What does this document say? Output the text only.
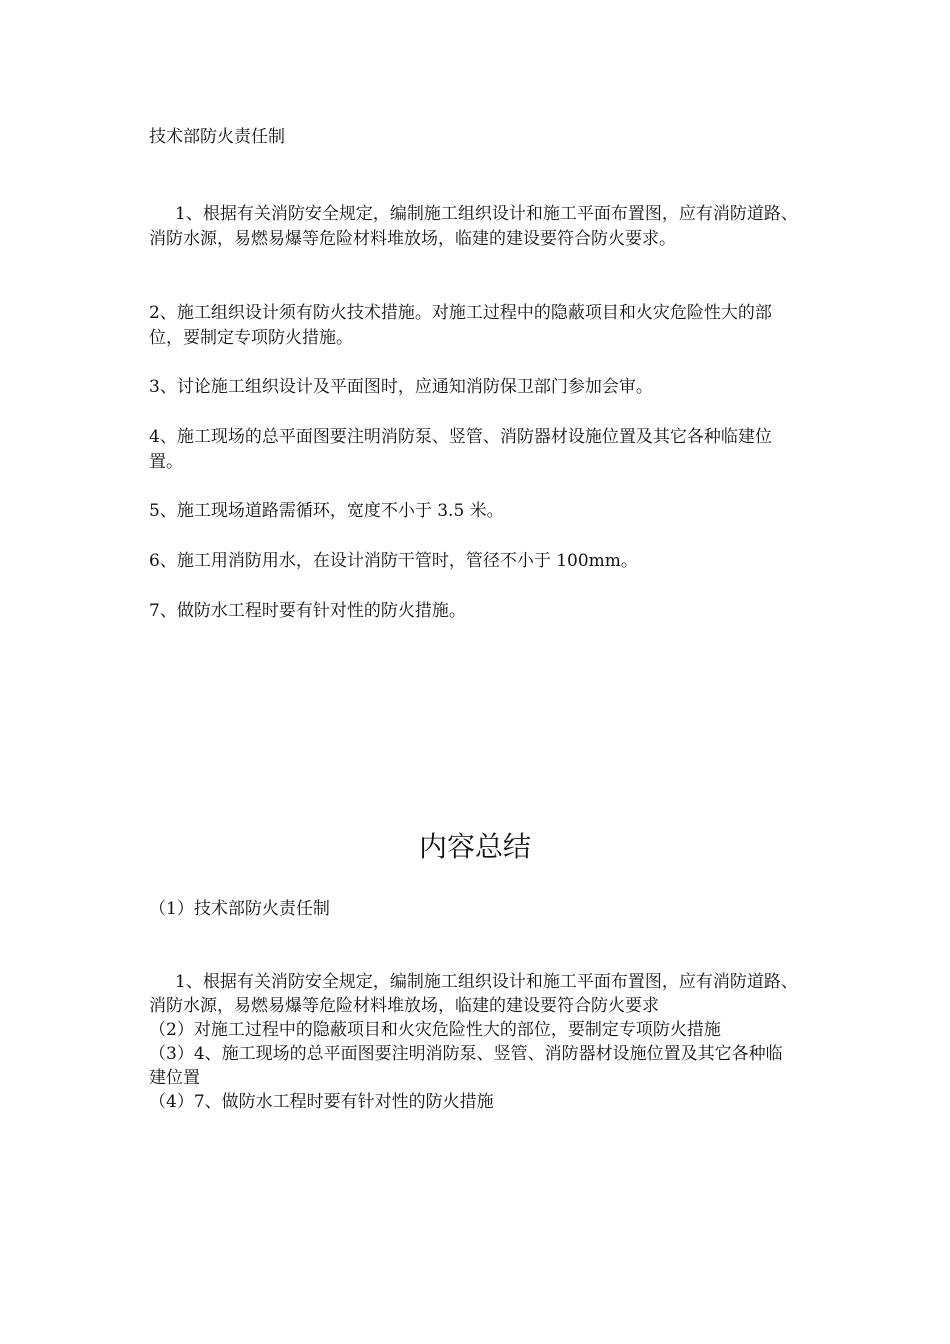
技术部防火责任制

1、根据有关消防安全规定，编制施工组织设计和施工平面布置图，应有消防道路、消防水源，易燃易爆等危险材料堆放场，临建的建设要符合防火要求。

2、施工组织设计须有防火技术措施。对施工过程中的隐蔽项目和火灾危险性大的部位，要制定专项防火措施。

3、讨论施工组织设计及平面图时，应通知消防保卫部门参加会审。

4、施工现场的总平面图要注明消防泵、竖管、消防器材设施位置及其它各种临建位置。

5、施工现场道路需循环，宽度不小于 3.5 米。

6、施工用消防用水，在设计消防干管时，管径不小于 100mm。

7、做防水工程时要有针对性的防火措施。

内容总结
（1）技术部防火责任制

1、根据有关消防安全规定，编制施工组织设计和施工平面布置图，应有消防道路、消防水源，易燃易爆等危险材料堆放场，临建的建设要符合防火要求

（2）对施工过程中的隐蔽项目和火灾危险性大的部位，要制定专项防火措施

（3）4、施工现场的总平面图要注明消防泵、竖管、消防器材设施位置及其它各种临建位置

（4）7、做防水工程时要有针对性的防火措施
